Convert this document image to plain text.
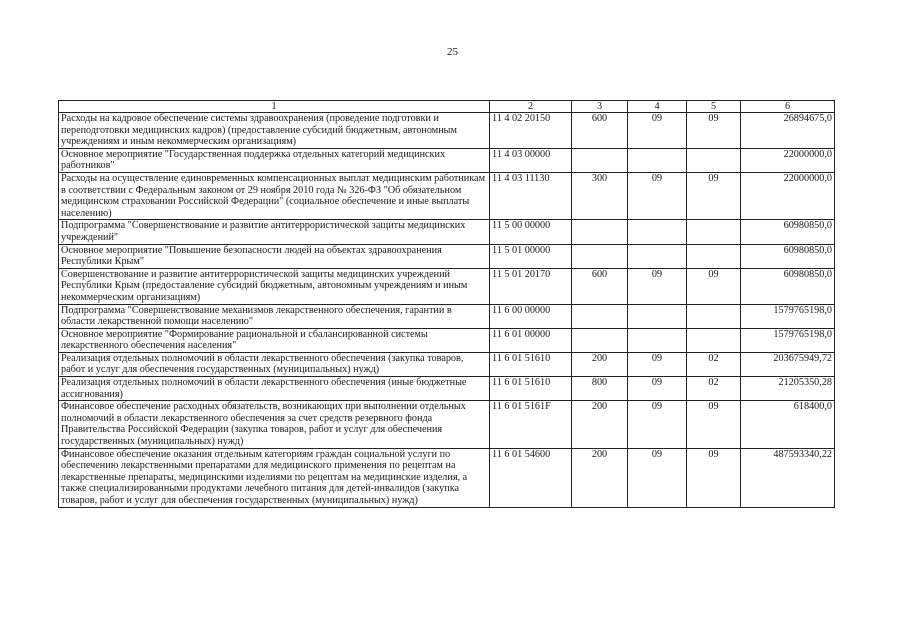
25
1	2	3	4	5	6
Расходы на кадровое обеспечение системы здравоохранения (проведение подготовки и переподготовки медицинских кадров) (предоставление субсидий бюджетным, автономным учреждениям и иным некоммерческим организациям)	11 4 02 20150	600	09	09	26894675,0
Основное мероприятие "Государственная поддержка отдельных категорий медицинских работников"	11 4 03 00000				22000000,0
Расходы на осуществление единовременных компенсационных выплат медицинским работникам в соответствии с Федеральным законом от 29 ноября 2010 года № 326-ФЗ "Об обязательном медицинском страховании Российской Федерации" (социальное обеспечение и иные выплаты населению)	11 4 03 11130	300	09	09	22000000,0
Подпрограмма "Совершенствование и развитие антитеррористической защиты медицинских учреждений"	11 5 00 00000				60980850,0
Основное мероприятие "Повышение безопасности людей на объектах здравоохранения Республики Крым"	11 5 01 00000				60980850,0
Совершенствование и развитие антитеррористической защиты медицинских учреждений Республики Крым (предоставление субсидий бюджетным, автономным учреждениям и иным некоммерческим организациям)	11 5 01 20170	600	09	09	60980850,0
Подпрограмма "Совершенствование механизмов лекарственного обеспечения, гарантии в области лекарственной помощи населению"	11 6 00 00000				1579765198,0
Основное мероприятие "Формирование рациональной и сбалансированной системы лекарственного обеспечения населения"	11 6 01 00000				1579765198,0
Реализация отдельных полномочий в области лекарственного обеспечения (закупка товаров, работ и услуг для обеспечения государственных (муниципальных) нужд)	11 6 01 51610	200	09	02	203675949,72
Реализация отдельных полномочий в области лекарственного обеспечения (иные бюджетные ассигнования)	11 6 01 51610	800	09	02	21205350,28
Финансовое обеспечение расходных обязательств, возникающих при выполнении отдельных полномочий в области лекарственного обеспечения за счет средств резервного фонда Правительства Российской Федерации (закупка товаров, работ и услуг для обеспечения государственных (муниципальных) нужд)	11 6 01 5161F	200	09	09	618400,0
Финансовое обеспечение оказания отдельным категориям граждан социальной услуги по обеспечению лекарственными препаратами для медицинского применения по рецептам на лекарственные препараты, медицинскими изделиями по рецептам на медицинские изделия, а также специализированными продуктами лечебного питания для детей-инвалидов (закупка товаров, работ и услуг для обеспечения государственных (муниципальных) нужд)	11 6 01 54600	200	09	09	487593340,22
